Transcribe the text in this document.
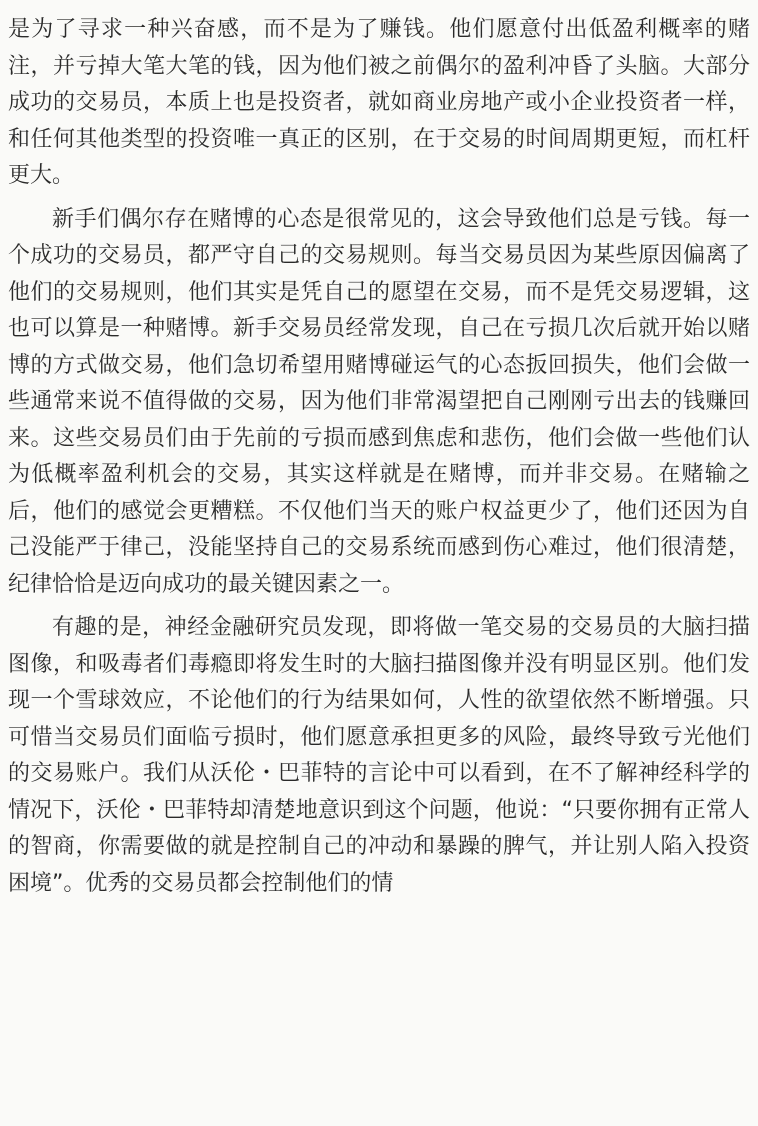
是为了寻求一种兴奋感，而不是为了赚钱。他们愿意付出低盈利概率的赌注，并亏掉大笔大笔的钱，因为他们被之前偶尔的盈利冲昏了头脑。大部分成功的交易员，本质上也是投资者，就如商业房地产或小企业投资者一样，和任何其他类型的投资唯一真正的区别，在于交易的时间周期更短，而杠杆更大。

新手们偶尔存在赌博的心态是很常见的，这会导致他们总是亏钱。每一个成功的交易员，都严守自己的交易规则。每当交易员因为某些原因偏离了他们的交易规则，他们其实是凭自己的愿望在交易，而不是凭交易逻辑，这也可以算是一种赌博。新手交易员经常发现，自己在亏损几次后就开始以赌博的方式做交易，他们急切希望用赌博碰运气的心态扳回损失，他们会做一些通常来说不值得做的交易，因为他们非常渴望把自己刚刚亏出去的钱赚回来。这些交易员们由于先前的亏损而感到焦虑和悲伤，他们会做一些他们认为低概率盈利机会的交易，其实这样就是在赌博，而并非交易。在赌输之后，他们的感觉会更糟糕。不仅他们当天的账户权益更少了，他们还因为自己没能严于律己，没能坚持自己的交易系统而感到伤心难过，他们很清楚，纪律恰恰是迈向成功的最关键因素之一。

有趣的是，神经金融研究员发现，即将做一笔交易的交易员的大脑扫描图像，和吸毒者们毒瘾即将发生时的大脑扫描图像并没有明显区别。他们发现一个雪球效应，不论他们的行为结果如何，人性的欲望依然不断增强。只可惜当交易员们面临亏损时，他们愿意承担更多的风险，最终导致亏光他们的交易账户。我们从沃伦・巴菲特的言论中可以看到，在不了解神经科学的情况下，沃伦・巴菲特却清楚地意识到这个问题，他说：“只要你拥有正常人的智商，你需要做的就是控制自己的冲动和暴躁的脾气，并让别人陷入投资困境”。优秀的交易员都会控制他们的情
